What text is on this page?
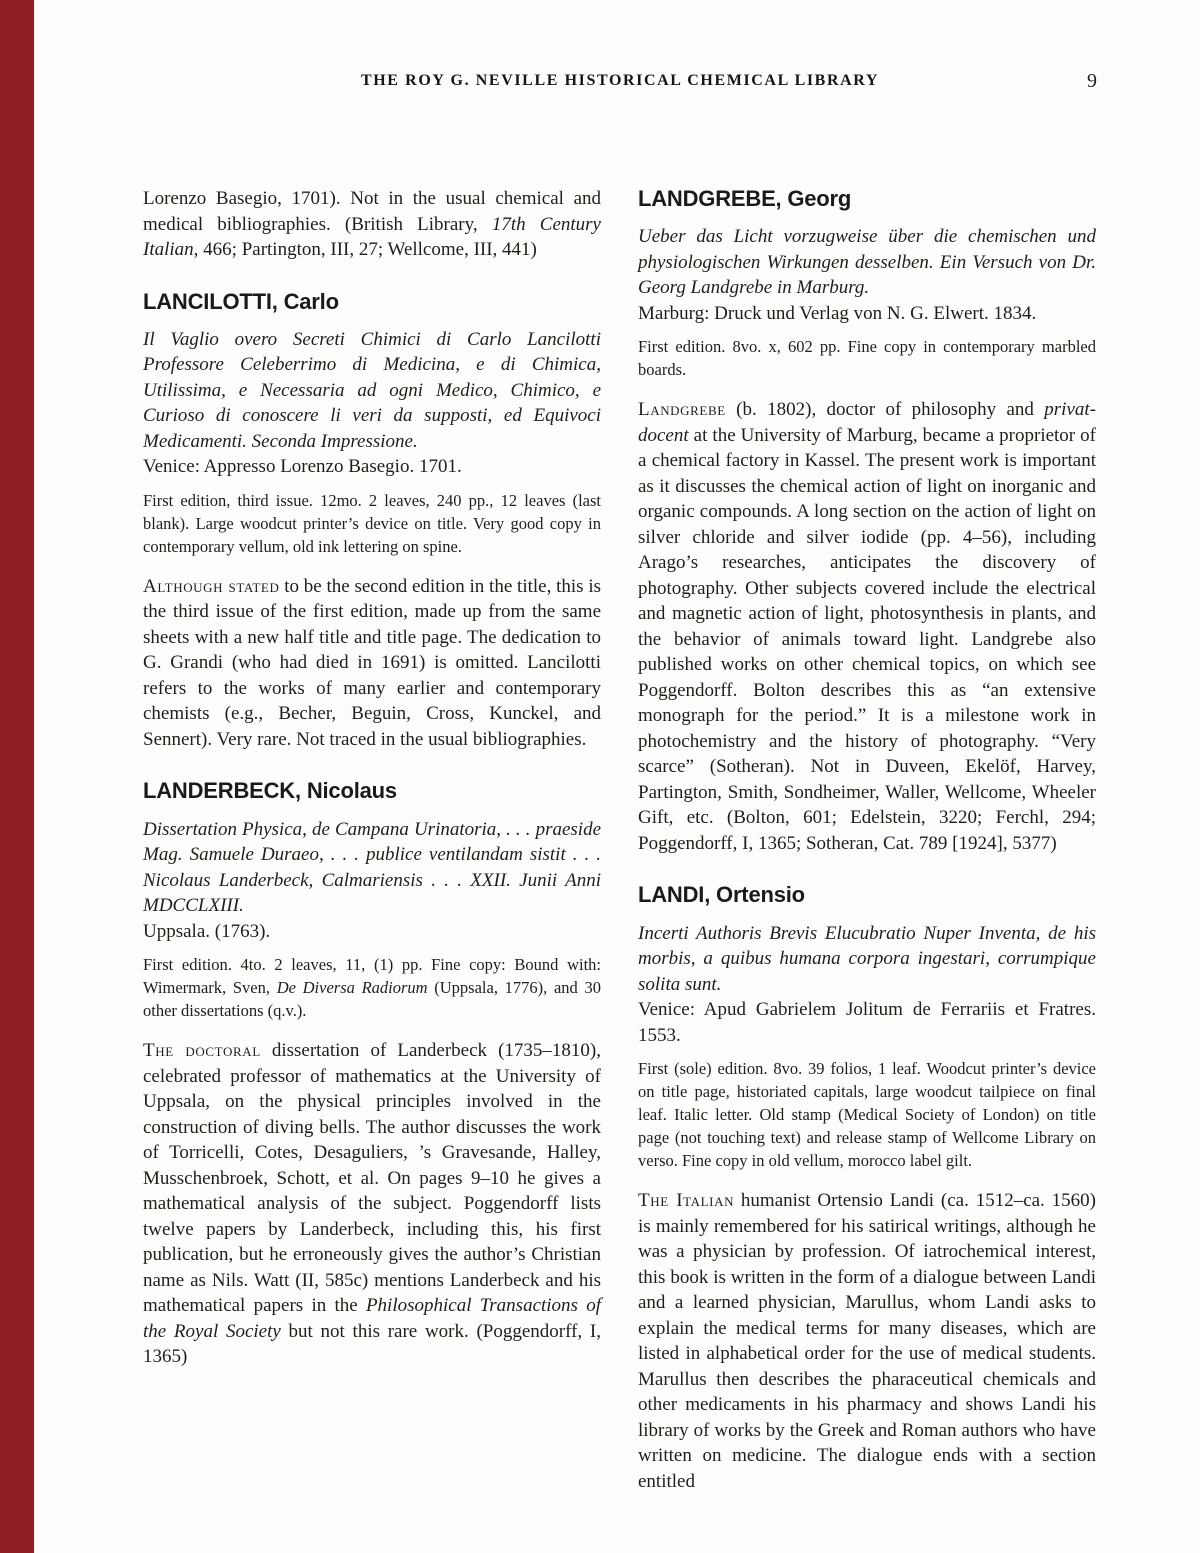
THE ROY G. NEVILLE HISTORICAL CHEMICAL LIBRARY	9

Lorenzo Basegio, 1701). Not in the usual chemical and medical bibliographies. (British Library, 17th Century Italian, 466; Partington, III, 27; Wellcome, III, 441)

LANCILOTTI, Carlo
Il Vaglio overo Secreti Chimici di Carlo Lancilotti Professore Celeberrimo di Medicina, e di Chimica, Utilissima, e Necessaria ad ogni Medico, Chimico, e Curioso di conoscere li veri da supposti, ed Equivoci Medicamenti. Seconda Impressione.
Venice: Appresso Lorenzo Basegio. 1701.

First edition, third issue. 12mo. 2 leaves, 240 pp., 12 leaves (last blank). Large woodcut printer’s device on title. Very good copy in contemporary vellum, old ink lettering on spine.

Although stated to be the second edition in the title, this is the third issue of the first edition, made up from the same sheets with a new half title and title page. The dedication to G. Grandi (who had died in 1691) is omitted. Lancilotti refers to the works of many earlier and contemporary chemists (e.g., Becher, Beguin, Cross, Kunckel, and Sennert). Very rare. Not traced in the usual bibliographies.

LANDERBECK, Nicolaus
Dissertation Physica, de Campana Urinatoria, . . . praeside Mag. Samuele Duraeo, . . . publice ventilandam sistit . . . Nicolaus Landerbeck, Calmariensis . . . XXII. Junii Anni MDCCLXIII.
Uppsala. (1763).

First edition. 4to. 2 leaves, 11, (1) pp. Fine copy: Bound with: Wimermark, Sven, De Diversa Radiorum (Uppsala, 1776), and 30 other dissertations (q.v.).

The doctoral dissertation of Landerbeck (1735–1810), celebrated professor of mathematics at the University of Uppsala, on the physical principles involved in the construction of diving bells. The author discusses the work of Torricelli, Cotes, Desaguliers, ’s Gravesande, Halley, Musschenbroek, Schott, et al. On pages 9–10 he gives a mathematical analysis of the subject. Poggendorff lists twelve papers by Landerbeck, including this, his first publication, but he erroneously gives the author’s Christian name as Nils. Watt (II, 585c) mentions Landerbeck and his mathematical papers in the Philosophical Transactions of the Royal Society but not this rare work. (Poggendorff, I, 1365)

LANDGREBE, Georg
Ueber das Licht vorzugweise über die chemischen und physiologischen Wirkungen desselben. Ein Versuch von Dr. Georg Landgrebe in Marburg.
Marburg: Druck und Verlag von N. G. Elwert. 1834.

First edition. 8vo. x, 602 pp. Fine copy in contemporary marbled boards.

Landgrebe (b. 1802), doctor of philosophy and privat-docent at the University of Marburg, became a proprietor of a chemical factory in Kassel. The present work is important as it discusses the chemical action of light on inorganic and organic compounds. A long section on the action of light on silver chloride and silver iodide (pp. 4–56), including Arago’s researches, anticipates the discovery of photography. Other subjects covered include the electrical and magnetic action of light, photosynthesis in plants, and the behavior of animals toward light. Landgrebe also published works on other chemical topics, on which see Poggendorff. Bolton describes this as “an extensive monograph for the period.” It is a milestone work in photochemistry and the history of photography. “Very scarce” (Sotheran). Not in Duveen, Ekelöf, Harvey, Partington, Smith, Sondheimer, Waller, Wellcome, Wheeler Gift, etc. (Bolton, 601; Edelstein, 3220; Ferchl, 294; Poggendorff, I, 1365; Sotheran, Cat. 789 [1924], 5377)

LANDI, Ortensio
Incerti Authoris Brevis Elucubratio Nuper Inventa, de his morbis, a quibus humana corpora ingestari, corrumpique solita sunt.
Venice: Apud Gabrielem Jolitum de Ferrariis et Fratres. 1553.

First (sole) edition. 8vo. 39 folios, 1 leaf. Woodcut printer’s device on title page, historiated capitals, large woodcut tailpiece on final leaf. Italic letter. Old stamp (Medical Society of London) on title page (not touching text) and release stamp of Wellcome Library on verso. Fine copy in old vellum, morocco label gilt.

The Italian humanist Ortensio Landi (ca. 1512–ca. 1560) is mainly remembered for his satirical writings, although he was a physician by profession. Of iatrochemical interest, this book is written in the form of a dialogue between Landi and a learned physician, Marullus, whom Landi asks to explain the medical terms for many diseases, which are listed in alphabetical order for the use of medical students. Marullus then describes the pharaceutical chemicals and other medicaments in his pharmacy and shows Landi his library of works by the Greek and Roman authors who have written on medicine. The dialogue ends with a section entitled
